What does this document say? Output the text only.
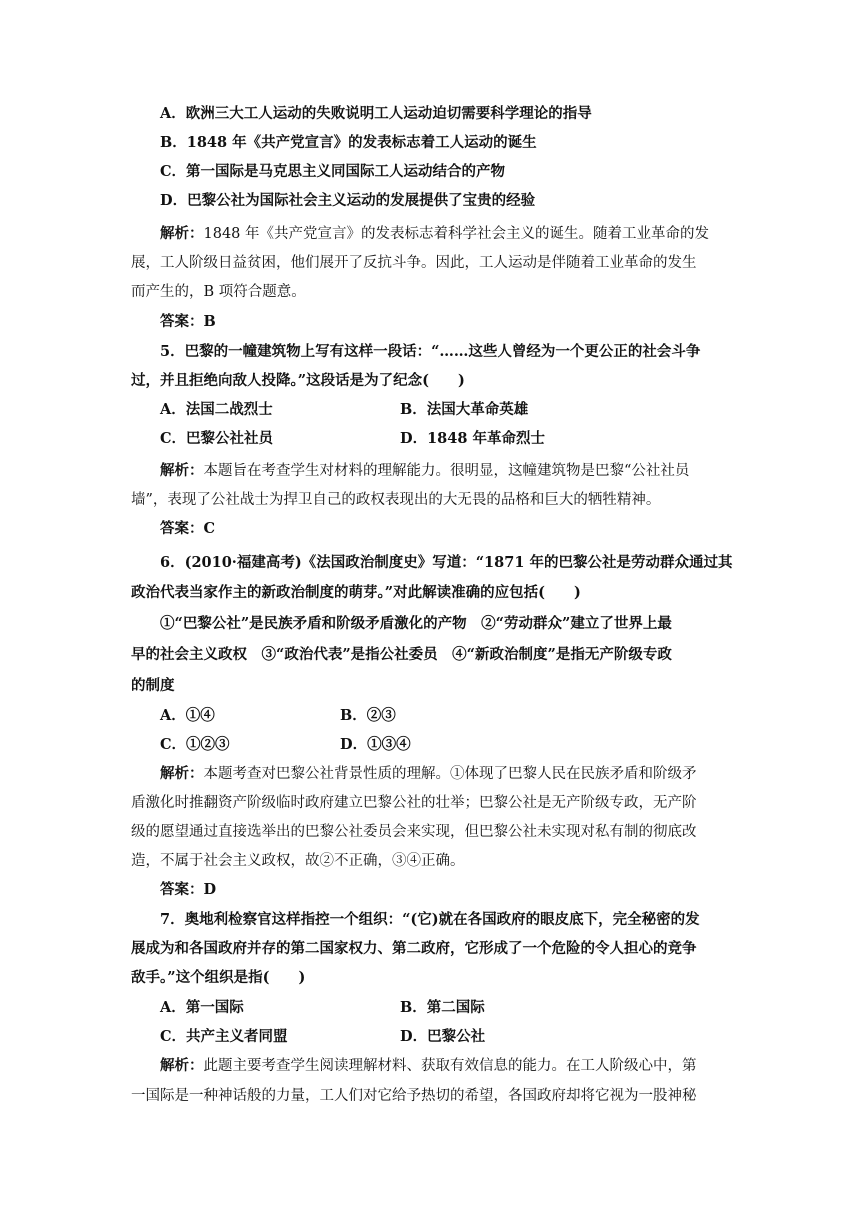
A．欧洲三大工人运动的失败说明工人运动迫切需要科学理论的指导
B．1848 年《共产党宣言》的发表标志着工人运动的诞生
C．第一国际是马克思主义同国际工人运动结合的产物
D．巴黎公社为国际社会主义运动的发展提供了宝贵的经验
解析：1848 年《共产党宣言》的发表标志着科学社会主义的诞生。随着工业革命的发
展，工人阶级日益贫困，他们展开了反抗斗争。因此，工人运动是伴随着工业革命的发生
而产生的，B 项符合题意。
答案：B
5．巴黎的一幢建筑物上写有这样一段话：“……这些人曾经为一个更公正的社会斗争
过，并且拒绝向敌人投降。”这段话是为了纪念(　　)
A．法国二战烈士	B．法国大革命英雄
C．巴黎公社社员	D．1848 年革命烈士
解析：本题旨在考查学生对材料的理解能力。很明显，这幢建筑物是巴黎“公社社员
墙”，表现了公社战士为捍卫自己的政权表现出的大无畏的品格和巨大的牺牲精神。
答案：C
6．(2010·福建高考)《法国政治制度史》写道：“1871 年的巴黎公社是劳动群众通过其
政治代表当家作主的新政治制度的萌芽。”对此解读准确的应包括(　　)
①“巴黎公社”是民族矛盾和阶级矛盾激化的产物　②“劳动群众”建立了世界上最
早的社会主义政权　③“政治代表”是指公社委员　④“新政治制度”是指无产阶级专政
的制度
A．①④	B．②③
C．①②③	D．①③④
解析：本题考查对巴黎公社背景性质的理解。①体现了巴黎人民在民族矛盾和阶级矛
盾激化时推翻资产阶级临时政府建立巴黎公社的壮举；巴黎公社是无产阶级专政，无产阶
级的愿望通过直接选举出的巴黎公社委员会来实现，但巴黎公社未实现对私有制的彻底改
造，不属于社会主义政权，故②不正确，③④正确。
答案：D
7．奥地利检察官这样指控一个组织：“(它)就在各国政府的眼皮底下，完全秘密的发
展成为和各国政府并存的第二国家权力、第二政府，它形成了一个危险的令人担心的竞争
敌手。”这个组织是指(　　)
A．第一国际	B．第二国际
C．共产主义者同盟	D．巴黎公社
解析：此题主要考查学生阅读理解材料、获取有效信息的能力。在工人阶级心中，第
一国际是一种神话般的力量，工人们对它给予热切的希望，各国政府却将它视为一股神秘
